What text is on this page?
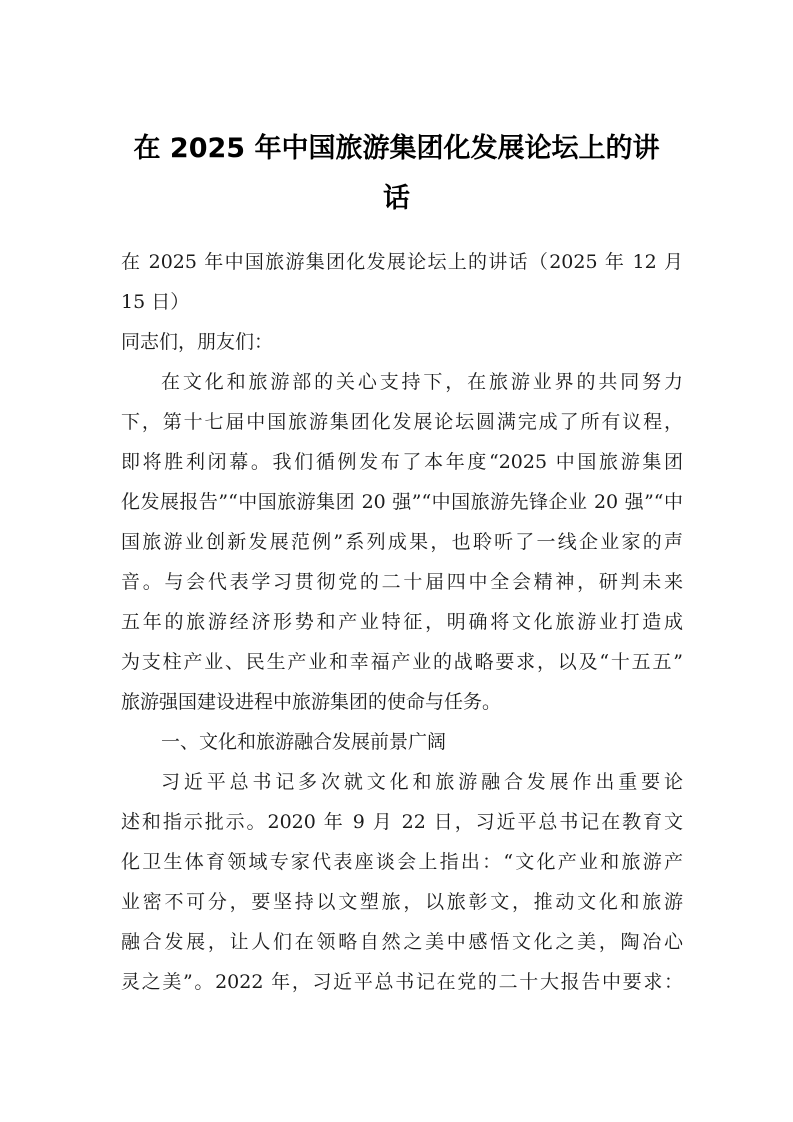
在 2025 年中国旅游集团化发展论坛上的讲
话
在 2025 年中国旅游集团化发展论坛上的讲话（2025 年 12 月
15 日）
同志们，朋友们：
在文化和旅游部的关心支持下，在旅游业界的共同努力
下，第十七届中国旅游集团化发展论坛圆满完成了所有议程，
即将胜利闭幕。我们循例发布了本年度“2025 中国旅游集团
化发展报告”“中国旅游集团 20 强”“中国旅游先锋企业 20 强”“中
国旅游业创新发展范例”系列成果，也聆听了一线企业家的声
音。与会代表学习贯彻党的二十届四中全会精神，研判未来
五年的旅游经济形势和产业特征，明确将文化旅游业打造成
为支柱产业、民生产业和幸福产业的战略要求，以及“十五五”
旅游强国建设进程中旅游集团的使命与任务。
一、文化和旅游融合发展前景广阔
习近平总书记多次就文化和旅游融合发展作出重要论
述和指示批示。2020 年 9 月 22 日，习近平总书记在教育文
化卫生体育领域专家代表座谈会上指出：“文化产业和旅游产
业密不可分，要坚持以文塑旅，以旅彰文，推动文化和旅游
融合发展，让人们在领略自然之美中感悟文化之美，陶冶心
灵之美”。2022 年，习近平总书记在党的二十大报告中要求：
